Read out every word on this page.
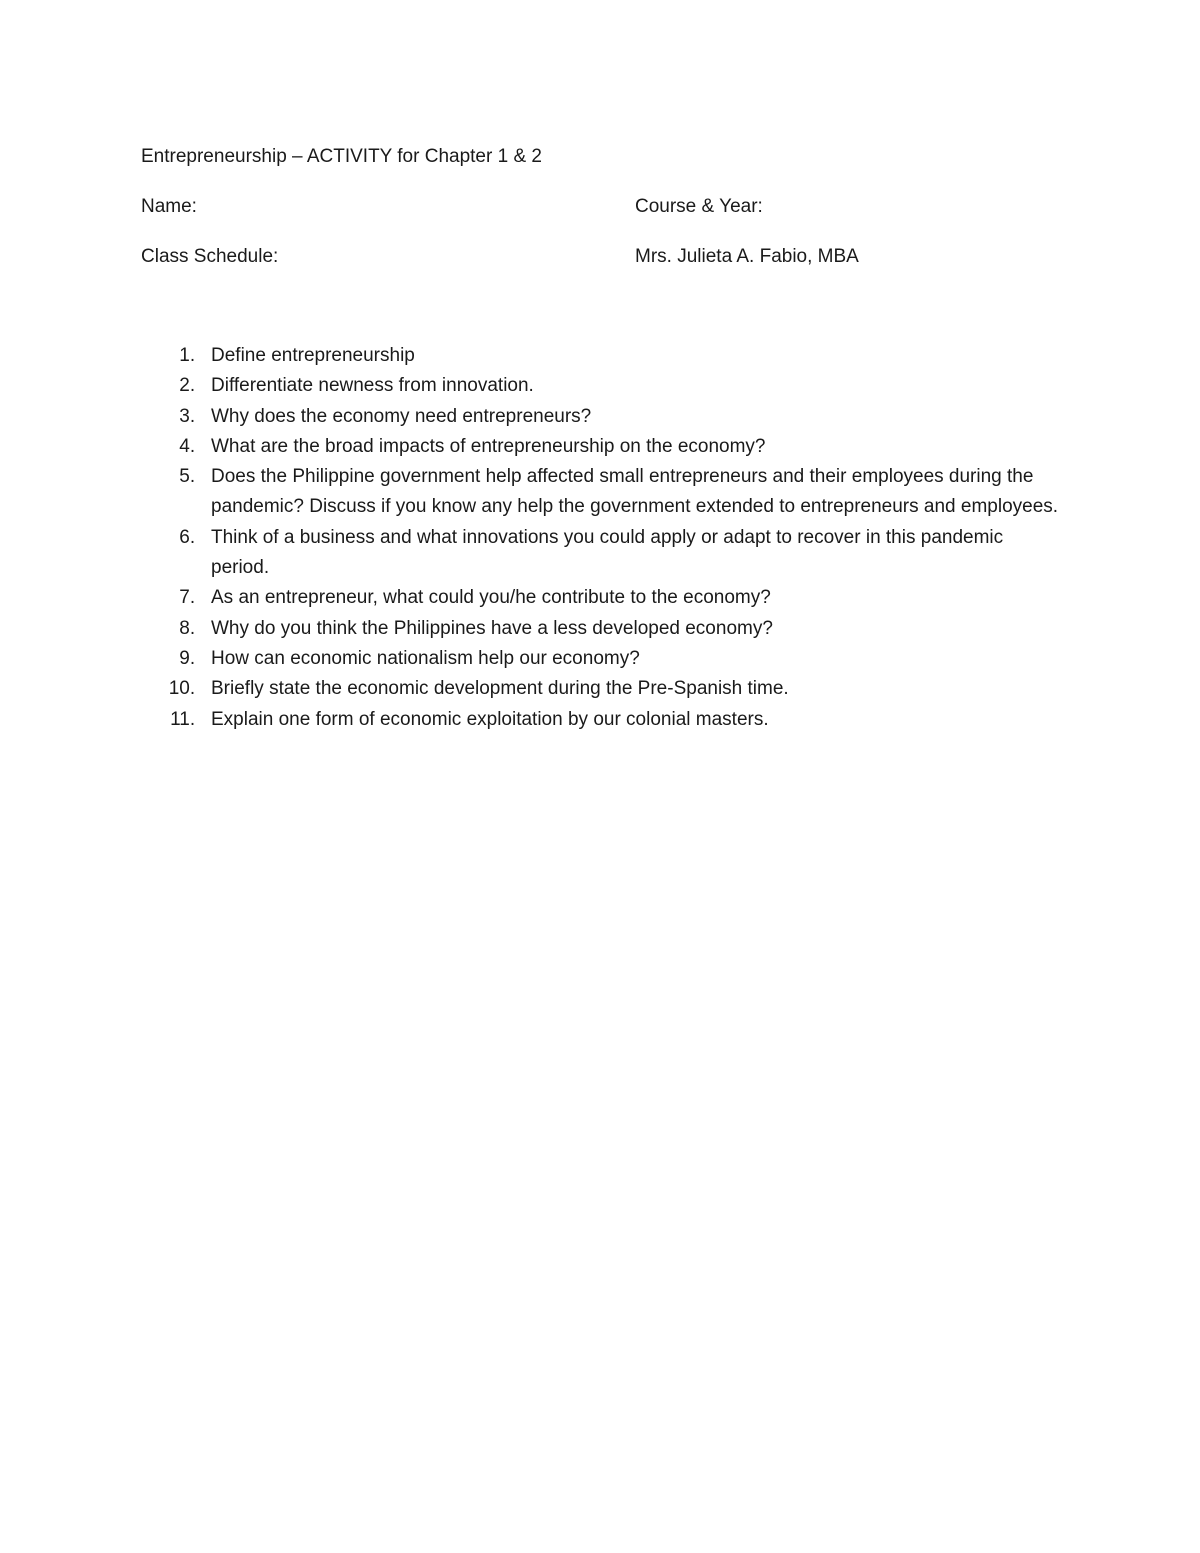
Entrepreneurship – ACTIVITY for Chapter 1 & 2
Name:	Course & Year:
Class Schedule:	Mrs. Julieta A. Fabio, MBA
1. Define entrepreneurship
2. Differentiate newness from innovation.
3. Why does the economy need entrepreneurs?
4. What are the broad impacts of entrepreneurship on the economy?
5. Does the Philippine government help affected small entrepreneurs and their employees during the pandemic? Discuss if you know any help the government extended to entrepreneurs and employees.
6. Think of a business and what innovations you could apply or adapt to recover in this pandemic period.
7. As an entrepreneur, what could you/he contribute to the economy?
8. Why do you think the Philippines have a less developed economy?
9. How can economic nationalism help our economy?
10. Briefly state the economic development during the Pre-Spanish time.
11. Explain one form of economic exploitation by our colonial masters.
